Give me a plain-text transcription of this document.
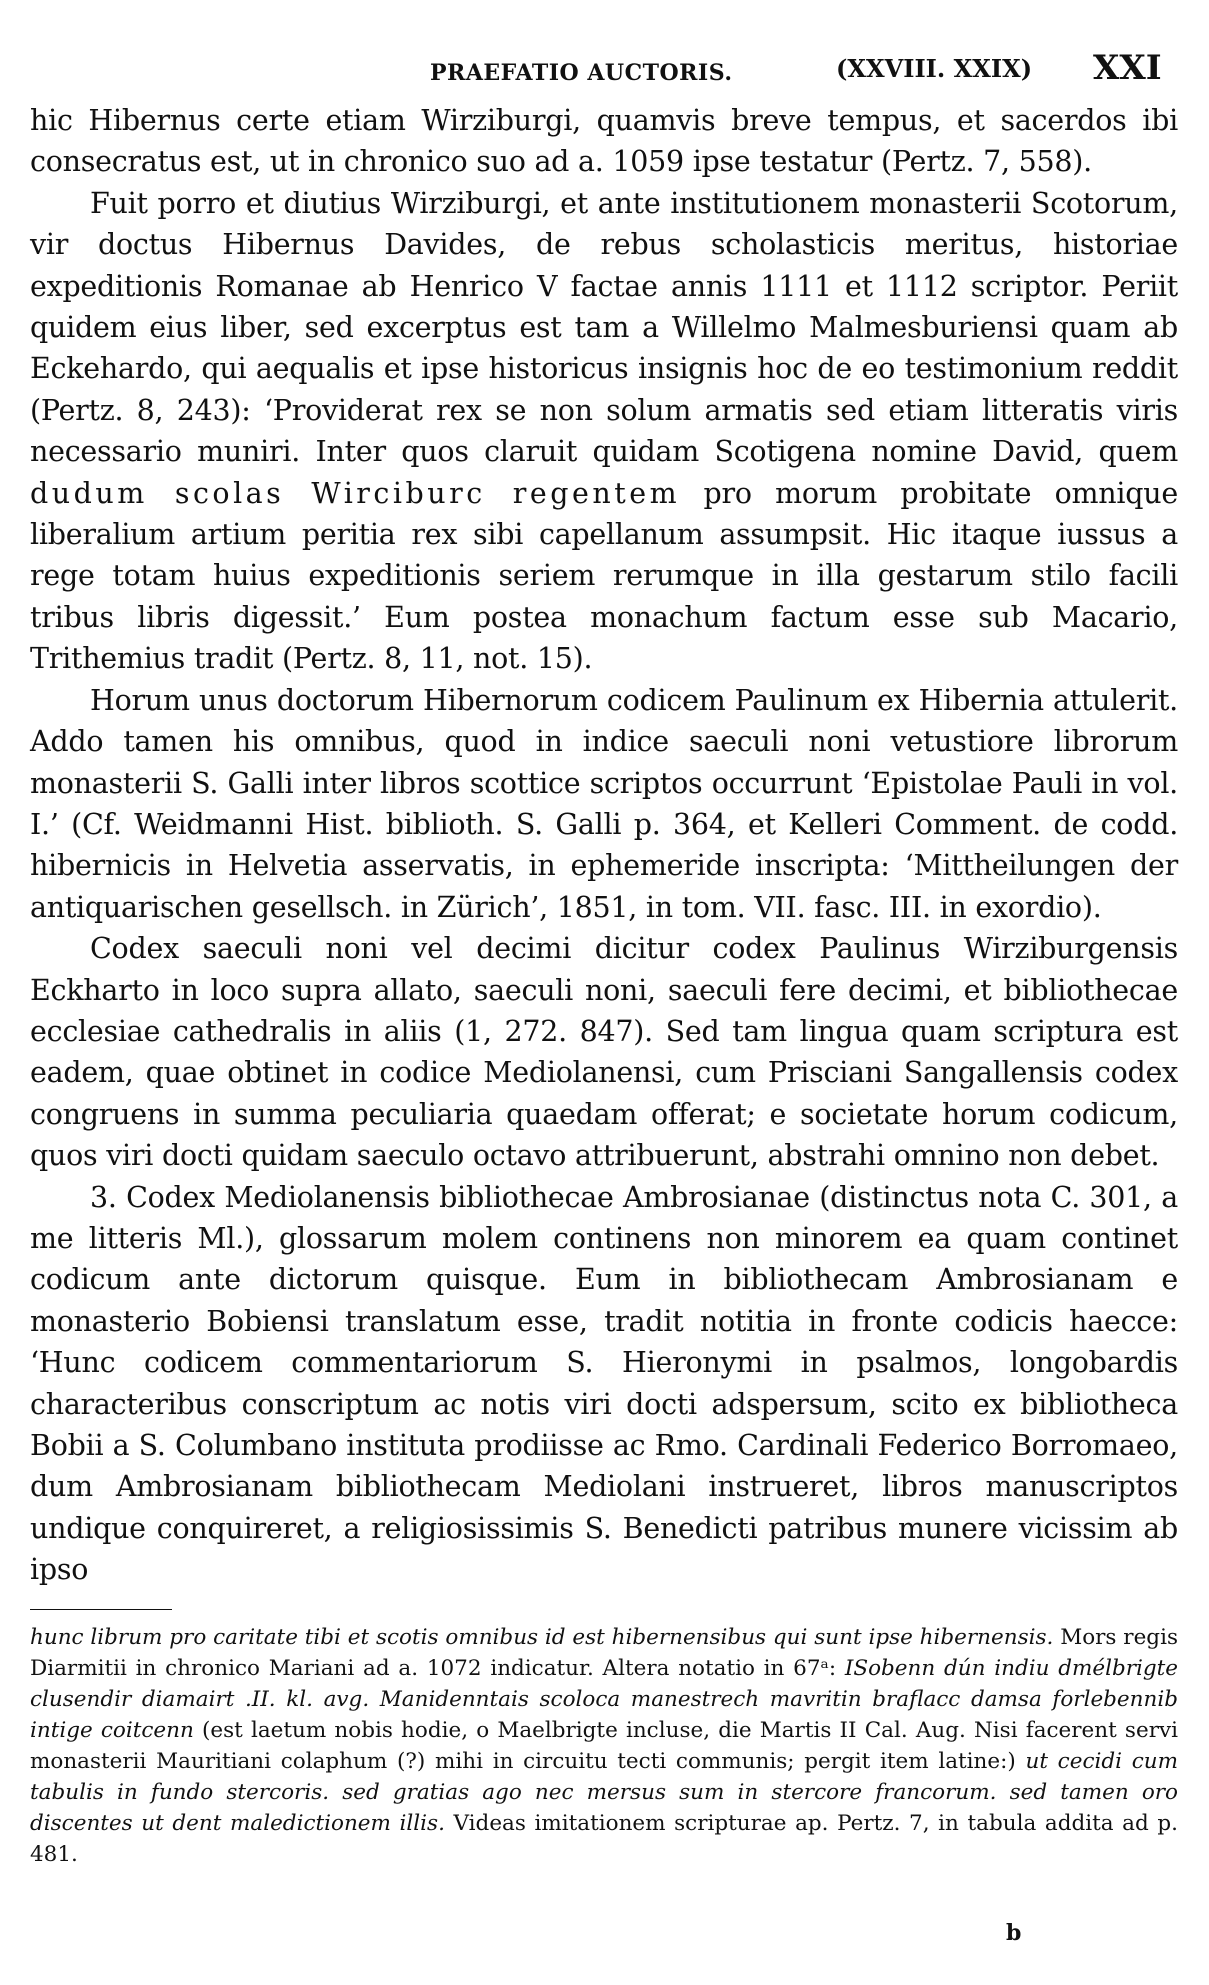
PRAEFATIO AUCTORIS.	(XXVIII. XXIX) XXI

hic Hibernus certe etiam Wirziburgi, quamvis breve tempus, et sacerdos ibi consecratus est, ut in chronico suo ad a. 1059 ipse testatur (Pertz. 7, 558).

Fuit porro et diutius Wirziburgi, et ante institutionem monasterii Scotorum, vir doctus Hibernus Davides, de rebus scholasticis meritus, historiae expeditionis Romanae ab Henrico V factae annis 1111 et 1112 scriptor. Periit quidem eius liber, sed excerptus est tam a Willelmo Malmesburiensi quam ab Eckehardo, qui aequalis et ipse historicus insignis hoc de eo testimonium reddit (Pertz. 8, 243): ‘Providerat rex se non solum armatis sed etiam litteratis viris necessario muniri. Inter quos claruit quidam Scotigena nomine David, quem dudum scolas Wirciburc regentem pro morum probitate omnique liberalium artium peritia rex sibi capellanum assumpsit. Hic itaque iussus a rege totam huius expeditionis seriem rerumque in illa gestarum stilo facili tribus libris digessit.’ Eum postea monachum factum esse sub Macario, Trithemius tradit (Pertz. 8, 11, not. 15).

Horum unus doctorum Hibernorum codicem Paulinum ex Hibernia attulerit. Addo tamen his omnibus, quod in indice saeculi noni vetustiore librorum monasterii S. Galli inter libros scottice scriptos occurrunt ‘Epistolae Pauli in vol. I.’ (Cf. Weidmanni Hist. biblioth. S. Galli p. 364, et Kelleri Comment. de codd. hibernicis in Helvetia asservatis, in ephemeride inscripta: ‘Mittheilungen der antiquarischen gesellsch. in Zürich’, 1851, in tom. VII. fasc. III. in exordio).

Codex saeculi noni vel decimi dicitur codex Paulinus Wirziburgensis Eckharto in loco supra allato, saeculi noni, saeculi fere decimi, et bibliothecae ecclesiae cathedralis in aliis (1, 272. 847). Sed tam lingua quam scriptura est eadem, quae obtinet in codice Mediolanensi, cum Prisciani Sangallensis codex congruens in summa peculiaria quaedam offerat; e societate horum codicum, quos viri docti quidam saeculo octavo attribuerunt, abstrahi omnino non debet.

3. Codex Mediolanensis bibliothecae Ambrosianae (distinctus nota C. 301, a me litteris Ml.), glossarum molem continens non minorem ea quam continet codicum ante dictorum quisque. Eum in bibliothecam Ambrosianam e monasterio Bobiensi translatum esse, tradit notitia in fronte codicis haecce: ‘Hunc codicem commentariorum S. Hieronymi in psalmos, longobardis characteribus conscriptum ac notis viri docti adspersum, scito ex bibliotheca Bobii a S. Columbano instituta prodiisse ac Rmo. Cardinali Federico Borromaeo, dum Ambrosianam bibliothecam Mediolani instrueret, libros manuscriptos undique conquireret, a religiosissimis S. Benedicti patribus munere vicissim ab ipso

hunc librum pro caritate tibi et scotis omnibus id est hibernensibus qui sunt ipse hibernensis. Mors regis Diarmitii in chronico Mariani ad a. 1072 indicatur. Altera notatio in 67ᵃ: ISobenn dún indiu dmélbrigte clusendir diamairt .II. kl. avg. Manidenntais scoloca manestrech mavritin braflacc damsa forlebennib intige coitcenn (est laetum nobis hodie, o Maelbrigte incluse, die Martis II Cal. Aug. Nisi facerent servi monasterii Mauritiani colaphum (?) mihi in circuitu tecti communis; pergit item latine:) ut cecidi cum tabulis in fundo stercoris. sed gratias ago nec mersus sum in stercore francorum. sed tamen oro discentes ut dent maledictionem illis. Videas imitationem scripturae ap. Pertz. 7, in tabula addita ad p. 481.

b
